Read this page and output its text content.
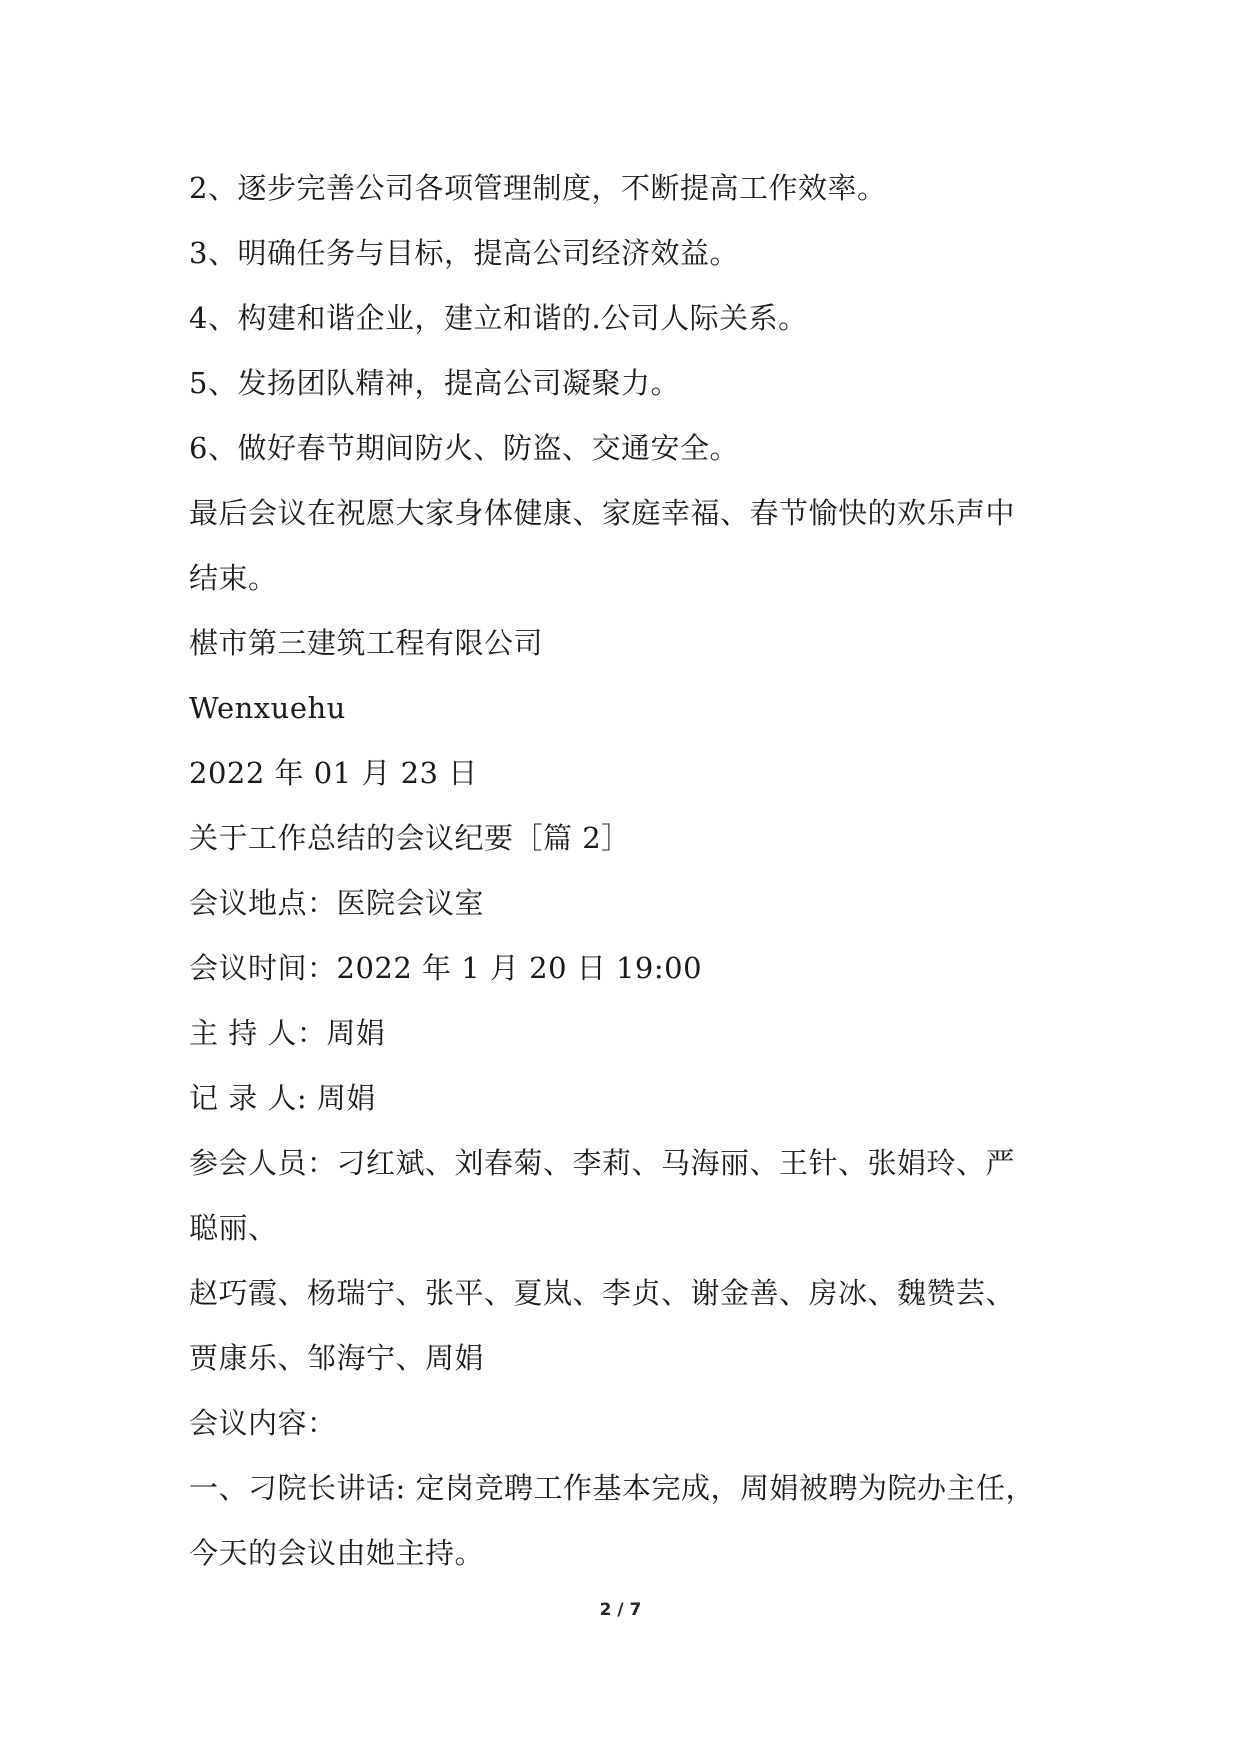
2、逐步完善公司各项管理制度，不断提高工作效率。
3、明确任务与目标，提高公司经济效益。
4、构建和谐企业，建立和谐的.公司人际关系。
5、发扬团队精神，提高公司凝聚力。
6、做好春节期间防火、防盗、交通安全。
最后会议在祝愿大家身体健康、家庭幸福、春节愉快的欢乐声中
结束。
椹市第三建筑工程有限公司
Wenxuehu
2022 年 01 月 23 日
关于工作总结的会议纪要［篇 2］
会议地点：医院会议室
会议时间：2022 年 1 月 20 日 19:00
主 持 人：周娟
记 录 人: 周娟
参会人员：刁红斌、刘春菊、李莉、马海丽、王针、张娟玲、严
聪丽、
赵巧霞、杨瑞宁、张平、夏岚、李贞、谢金善、房冰、魏赞芸、
贾康乐、邹海宁、周娟
会议内容：
一、刁院长讲话: 定岗竞聘工作基本完成，周娟被聘为院办主任，
今天的会议由她主持。
2 / 7
